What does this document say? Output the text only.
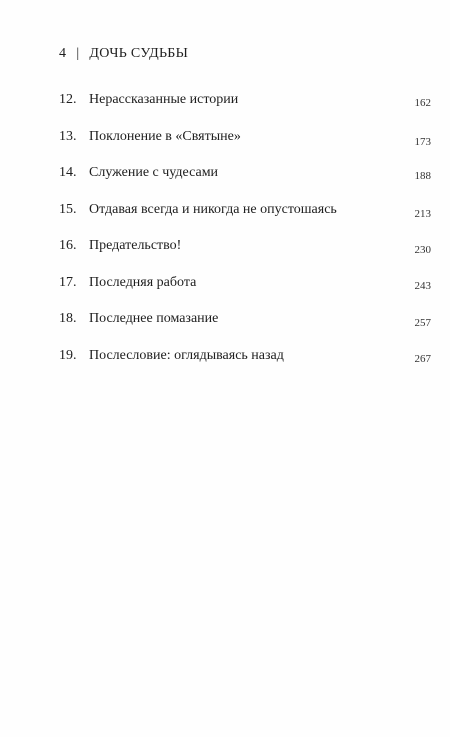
4 | ДОЧЬ СУДЬБЫ
12. Нерассказанные истории	162
13. Поклонение в «Святыне»	173
14. Служение с чудесами	188
15. Отдавая всегда и никогда не опустошаясь	213
16. Предательство!	230
17. Последняя работа	243
18. Последнее помазание	257
19. Послесловие: оглядываясь назад	267
